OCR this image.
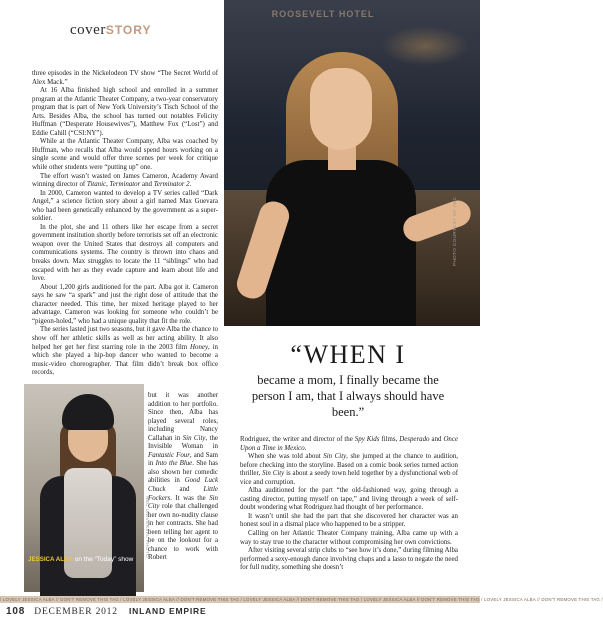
coverSTORY

three episodes in the Nickelodeon TV show “The Secret World of Alex Mack.”

At 16 Alba finished high school and enrolled in a summer program at the Atlantic Theater Company, a two-year conservatory program that is part of New York University’s Tisch School of the Arts. Besides Alba, the school has turned out notables Felicity Huffman (“Desperate Housewives”), Matthew Fox (“Lost”) and Eddie Cahill (“CSI:NY”).

While at the Atlantic Theater Company, Alba was coached by Huffman, who recalls that Alba would spend hours working on a single scene and would offer three scenes per week for critique while other students were “putting up” one.

The effort wasn’t wasted on James Cameron, Academy Award winning director of Titanic, Terminator and Terminator 2.

In 2000, Cameron wanted to develop a TV series called “Dark Angel,” a science fiction story about a girl named Max Guevara who had been genetically enhanced by the government as a super-soldier.

In the plot, she and 11 others like her escape from a secret government institution shortly before terrorists set off an electronic weapon over the United States that destroys all computers and communications systems. The country is thrown into chaos and breaks down. Max struggles to locate the 11 “siblings” who had escaped with her as they evade capture and learn about life and love.

About 1,200 girls auditioned for the part. Alba got it. Cameron says he saw “a spark” and just the right dose of attitude that the character needed. This time, her mixed heritage played to her advantage. Cameron was looking for someone who couldn’t be “pigeon-holed,” who had a unique quality that fit the role.

The series lasted just two seasons, but it gave Alba the chance to show off her athletic skills as well as her acting ability. It also helped her get her first starring role in the 2003 film Honey, in which she played a hip-hop dancer who wanted to become a music-video choreographer. That film didn’t break box office records,

ROOSEVELT HOTEL
PHOTO COURTESY OF ABC
JESSICA ALBA on the “Today” show
NBC UNIVERSAL PHOTO

but it was another addition to her portfolio. Since then, Alba has played several roles, including Nancy Callahan in Sin City, the Invisible Woman in Fantastic Four, and Sam in Into the Blue. She has also shown her comedic abilities in Good Luck Chuck and Little Fockers. It was the Sin City role that challenged her own no-nudity clause in her contracts. She had been telling her agent to be on the lookout for a chance to work with Robert

“WHEN I
became a mom, I finally became the person I am, that I always should have been.”

Rodriguez, the writer and director of the Spy Kids films, Desperado and Once Upon a Time in Mexico.

When she was told about Sin City, she jumped at the chance to audition, before checking into the storyline. Based on a comic book series turned action thriller, Sin City is about a seedy town held together by a dysfunctional web of vice and corruption.

Alba auditioned for the part “the old-fashioned way, going through a casting director, putting myself on tape,” and living through a week of self-doubt wondering what Rodriguez had thought of her performance.

It wasn’t until she had the part that she discovered her character was an honest soul in a dismal place who happened to be a stripper.

Calling on her Atlantic Theater Company training, Alba came up with a way to stay true to the character without compromising her own convictions.

After visiting several strip clubs to “see how it’s done,” during filming Alba performed a sexy-enough dance involving chaps and a lasso to negate the need for full nudity, something she doesn’t

/ LOVELY JESSICA ALBA // DON'T REMOVE THIS TAG / LOVELY JESSICA ALBA // DON'T REMOVE THIS TAG / LOVELY JESSICA ALBA // DON'T REMOVE THIS TAG / LOVELY JESSICA ALBA // DON'T REMOVE THIS TAG / LOVELY JESSICA ALBA // DON'T REMOVE THIS TAG /
108 DECEMBER 2012 INLAND EMPIRE
